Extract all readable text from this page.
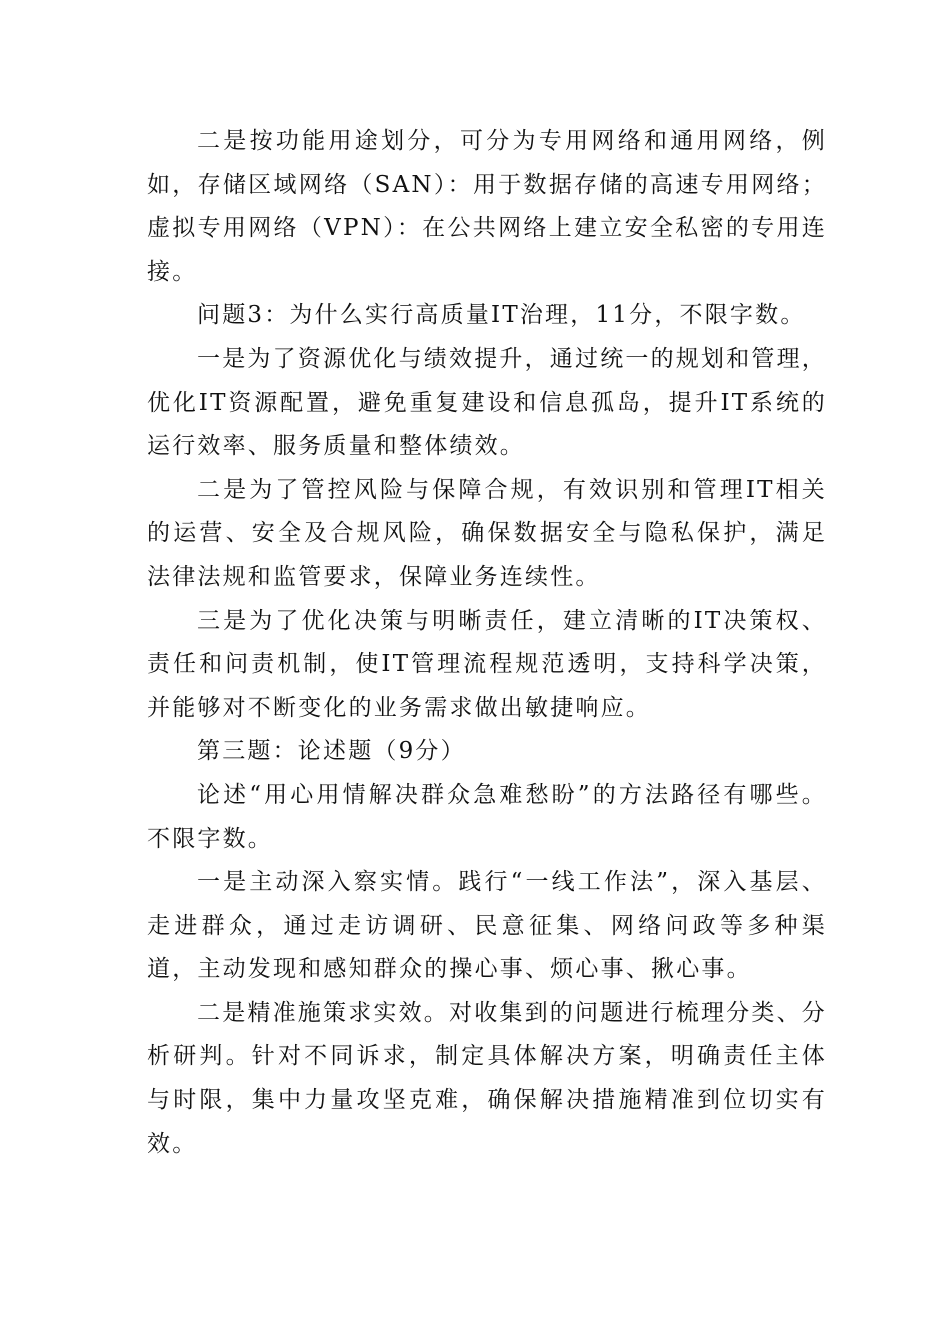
二是按功能用途划分，可分为专用网络和通用网络，例如，存储区域网络（SAN）：用于数据存储的高速专用网络；虚拟专用网络（VPN）：在公共网络上建立安全私密的专用连接。

问题3：为什么实行高质量IT治理，11分，不限字数。

一是为了资源优化与绩效提升，通过统一的规划和管理，优化IT资源配置，避免重复建设和信息孤岛，提升IT系统的运行效率、服务质量和整体绩效。

二是为了管控风险与保障合规，有效识别和管理IT相关的运营、安全及合规风险，确保数据安全与隐私保护，满足法律法规和监管要求，保障业务连续性。

三是为了优化决策与明晰责任，建立清晰的IT决策权、责任和问责机制，使IT管理流程规范透明，支持科学决策，并能够对不断变化的业务需求做出敏捷响应。

第三题：论述题（9分）

论述“用心用情解决群众急难愁盼”的方法路径有哪些。不限字数。

一是主动深入察实情。践行“一线工作法”，深入基层、走进群众，通过走访调研、民意征集、网络问政等多种渠道，主动发现和感知群众的操心事、烦心事、揪心事。

二是精准施策求实效。对收集到的问题进行梳理分类、分析研判。针对不同诉求，制定具体解决方案，明确责任主体与时限，集中力量攻坚克难，确保解决措施精准到位切实有效。
